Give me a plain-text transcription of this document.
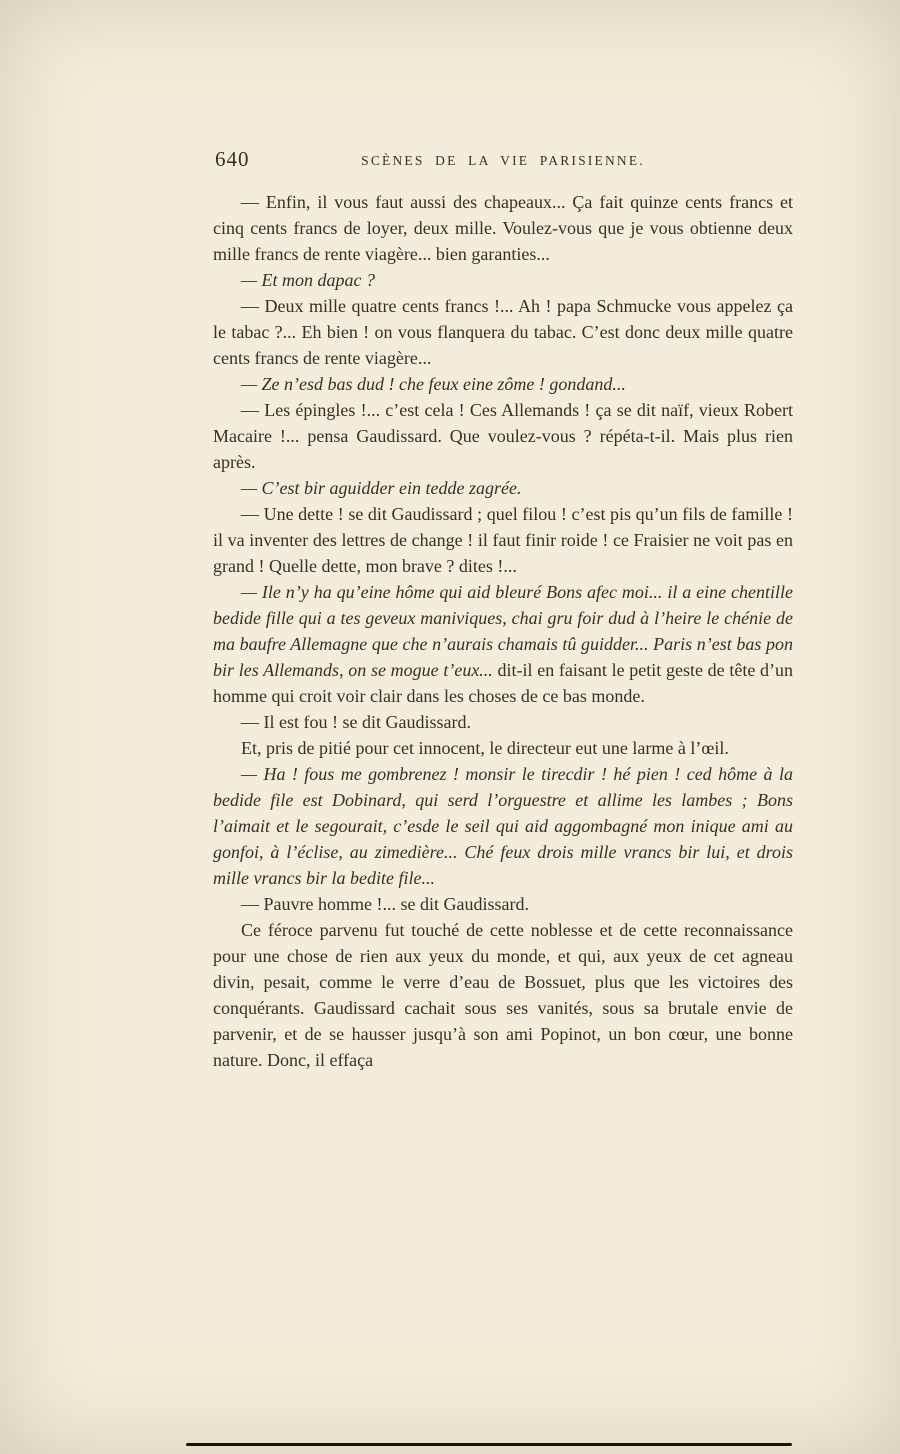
640	SCÈNES DE LA VIE PARISIENNE.

— Enfin, il vous faut aussi des chapeaux... Ça fait quinze cents francs et cinq cents francs de loyer, deux mille. Voulez-vous que je vous obtienne deux mille francs de rente viagère... bien garanties...

— Et mon dapac ?

— Deux mille quatre cents francs !... Ah ! papa Schmucke vous appelez ça le tabac ?... Eh bien ! on vous flanquera du tabac. C’est donc deux mille quatre cents francs de rente viagère...

— Ze n’esd bas dud ! che feux eine zôme ! gondand...

— Les épingles !... c’est cela ! Ces Allemands ! ça se dit naïf, vieux Robert Macaire !... pensa Gaudissard. Que voulez-vous ? répéta-t-il. Mais plus rien après.

— C’est bir aguidder ein tedde zagrée.

— Une dette ! se dit Gaudissard ; quel filou ! c’est pis qu’un fils de famille ! il va inventer des lettres de change ! il faut finir roide ! ce Fraisier ne voit pas en grand ! Quelle dette, mon brave ? dites !...

— Ile n’y ha qu’eine hôme qui aid bleuré Bons afec moi... il a eine chentille bedide fille qui a tes geveux maniviques, chai gru foir dud à l’heire le chénie de ma baufre Allemagne que che n’aurais chamais tû guidder... Paris n’est bas pon bir les Allemands, on se mogue t’eux... dit-il en faisant le petit geste de tête d’un homme qui croit voir clair dans les choses de ce bas monde.

— Il est fou ! se dit Gaudissard.

Et, pris de pitié pour cet innocent, le directeur eut une larme à l’œil.

— Ha ! fous me gombrenez ! monsir le tirecdir ! hé pien ! ced hôme à la bedide file est Dobinard, qui serd l’orguestre et allime les lambes ; Bons l’aimait et le segourait, c’esde le seil qui aid aggombagné mon inique ami au gonfoi, à l’éclise, au zimedière... Ché feux drois mille vrancs bir lui, et drois mille vrancs bir la bedite file...

— Pauvre homme !... se dit Gaudissard.

Ce féroce parvenu fut touché de cette noblesse et de cette reconnaissance pour une chose de rien aux yeux du monde, et qui, aux yeux de cet agneau divin, pesait, comme le verre d’eau de Bossuet, plus que les victoires des conquérants. Gaudissard cachait sous ses vanités, sous sa brutale envie de parvenir, et de se hausser jusqu’à son ami Popinot, un bon cœur, une bonne nature. Donc, il effaça
